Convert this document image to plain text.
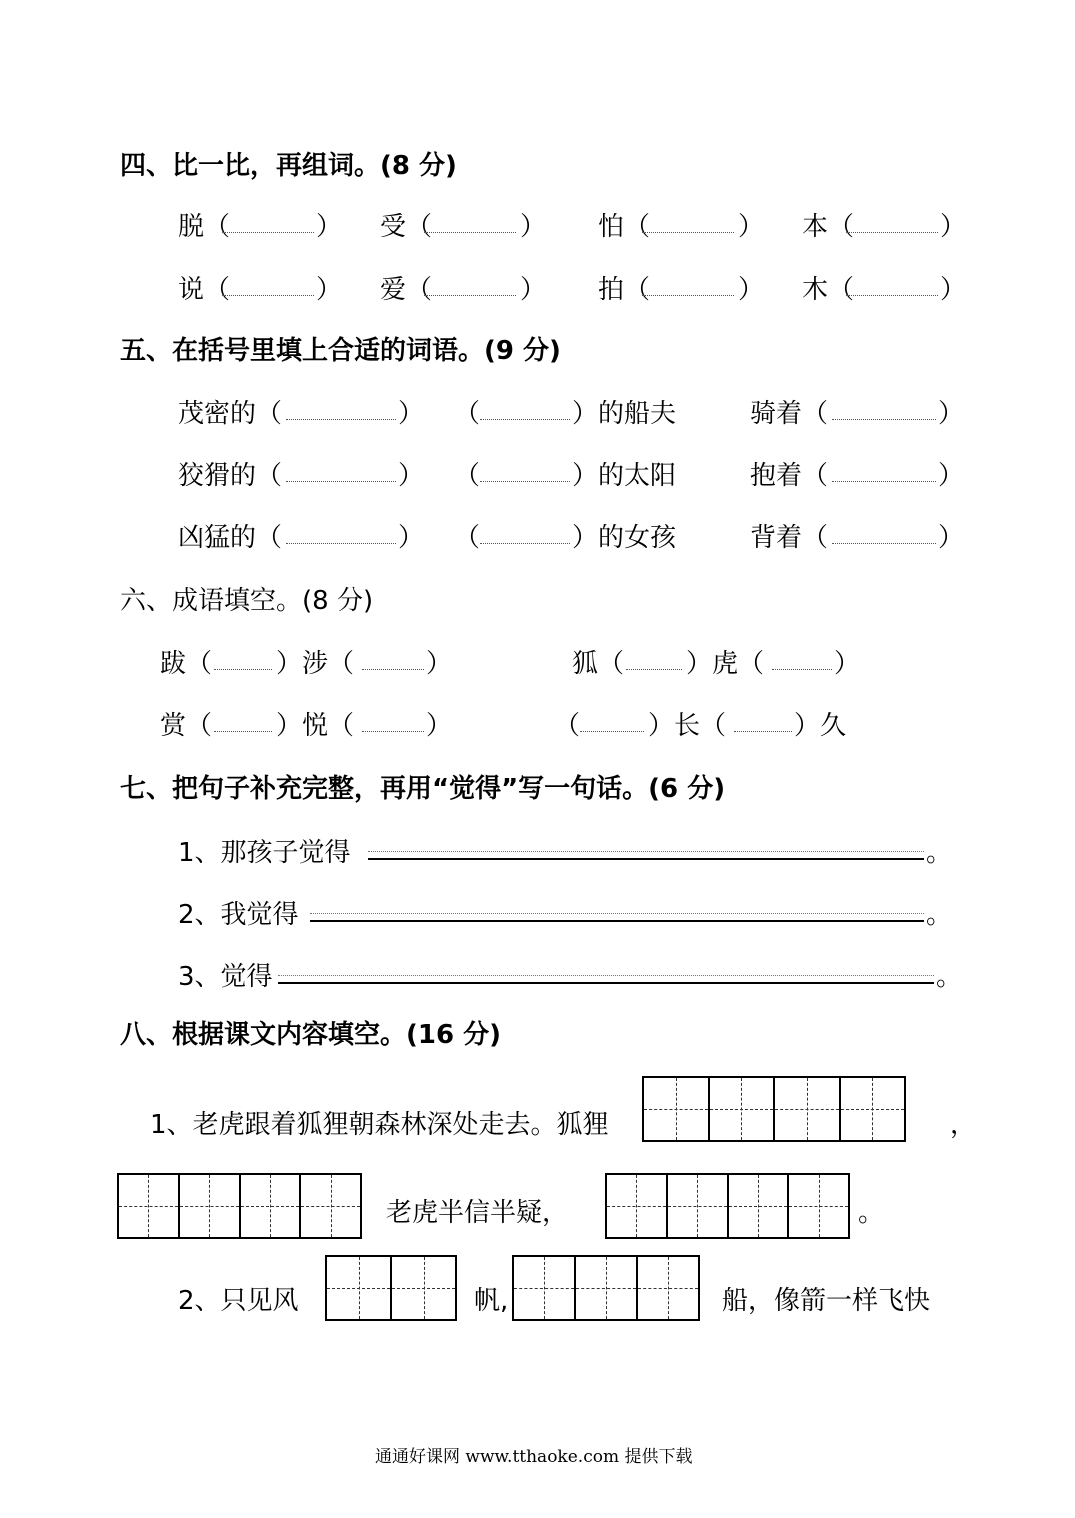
四、比一比，再组词。(8 分)
脱（	） 受（	） 怕（	） 本（	）
说（	） 爱（	） 拍（	） 木（	）
五、在括号里填上合适的词语。(9 分)
茂密的（	） （	）的船夫	骑着（	）
狡猾的（	） （	）的太阳	抱着（	）
凶猛的（	） （	）的女孩	背着（	）
六、成语填空。(8 分)
跋（ ）涉（	）	狐（ ）虎（	）
赏（ ）悦（	）	（	）长（	）久
七、把句子补充完整，再用“觉得”写一句话。(6 分)
1、那孩子觉得	。
2、我觉得	。
3、觉得	。
八、根据课文内容填空。(16 分)
1、老虎跟着狐狸朝森林深处走去。狐狸	，
老虎半信半疑，	。
2、只见风	帆,	船，像箭一样飞快
通通好课网 www.tthaoke.com 提供下载
